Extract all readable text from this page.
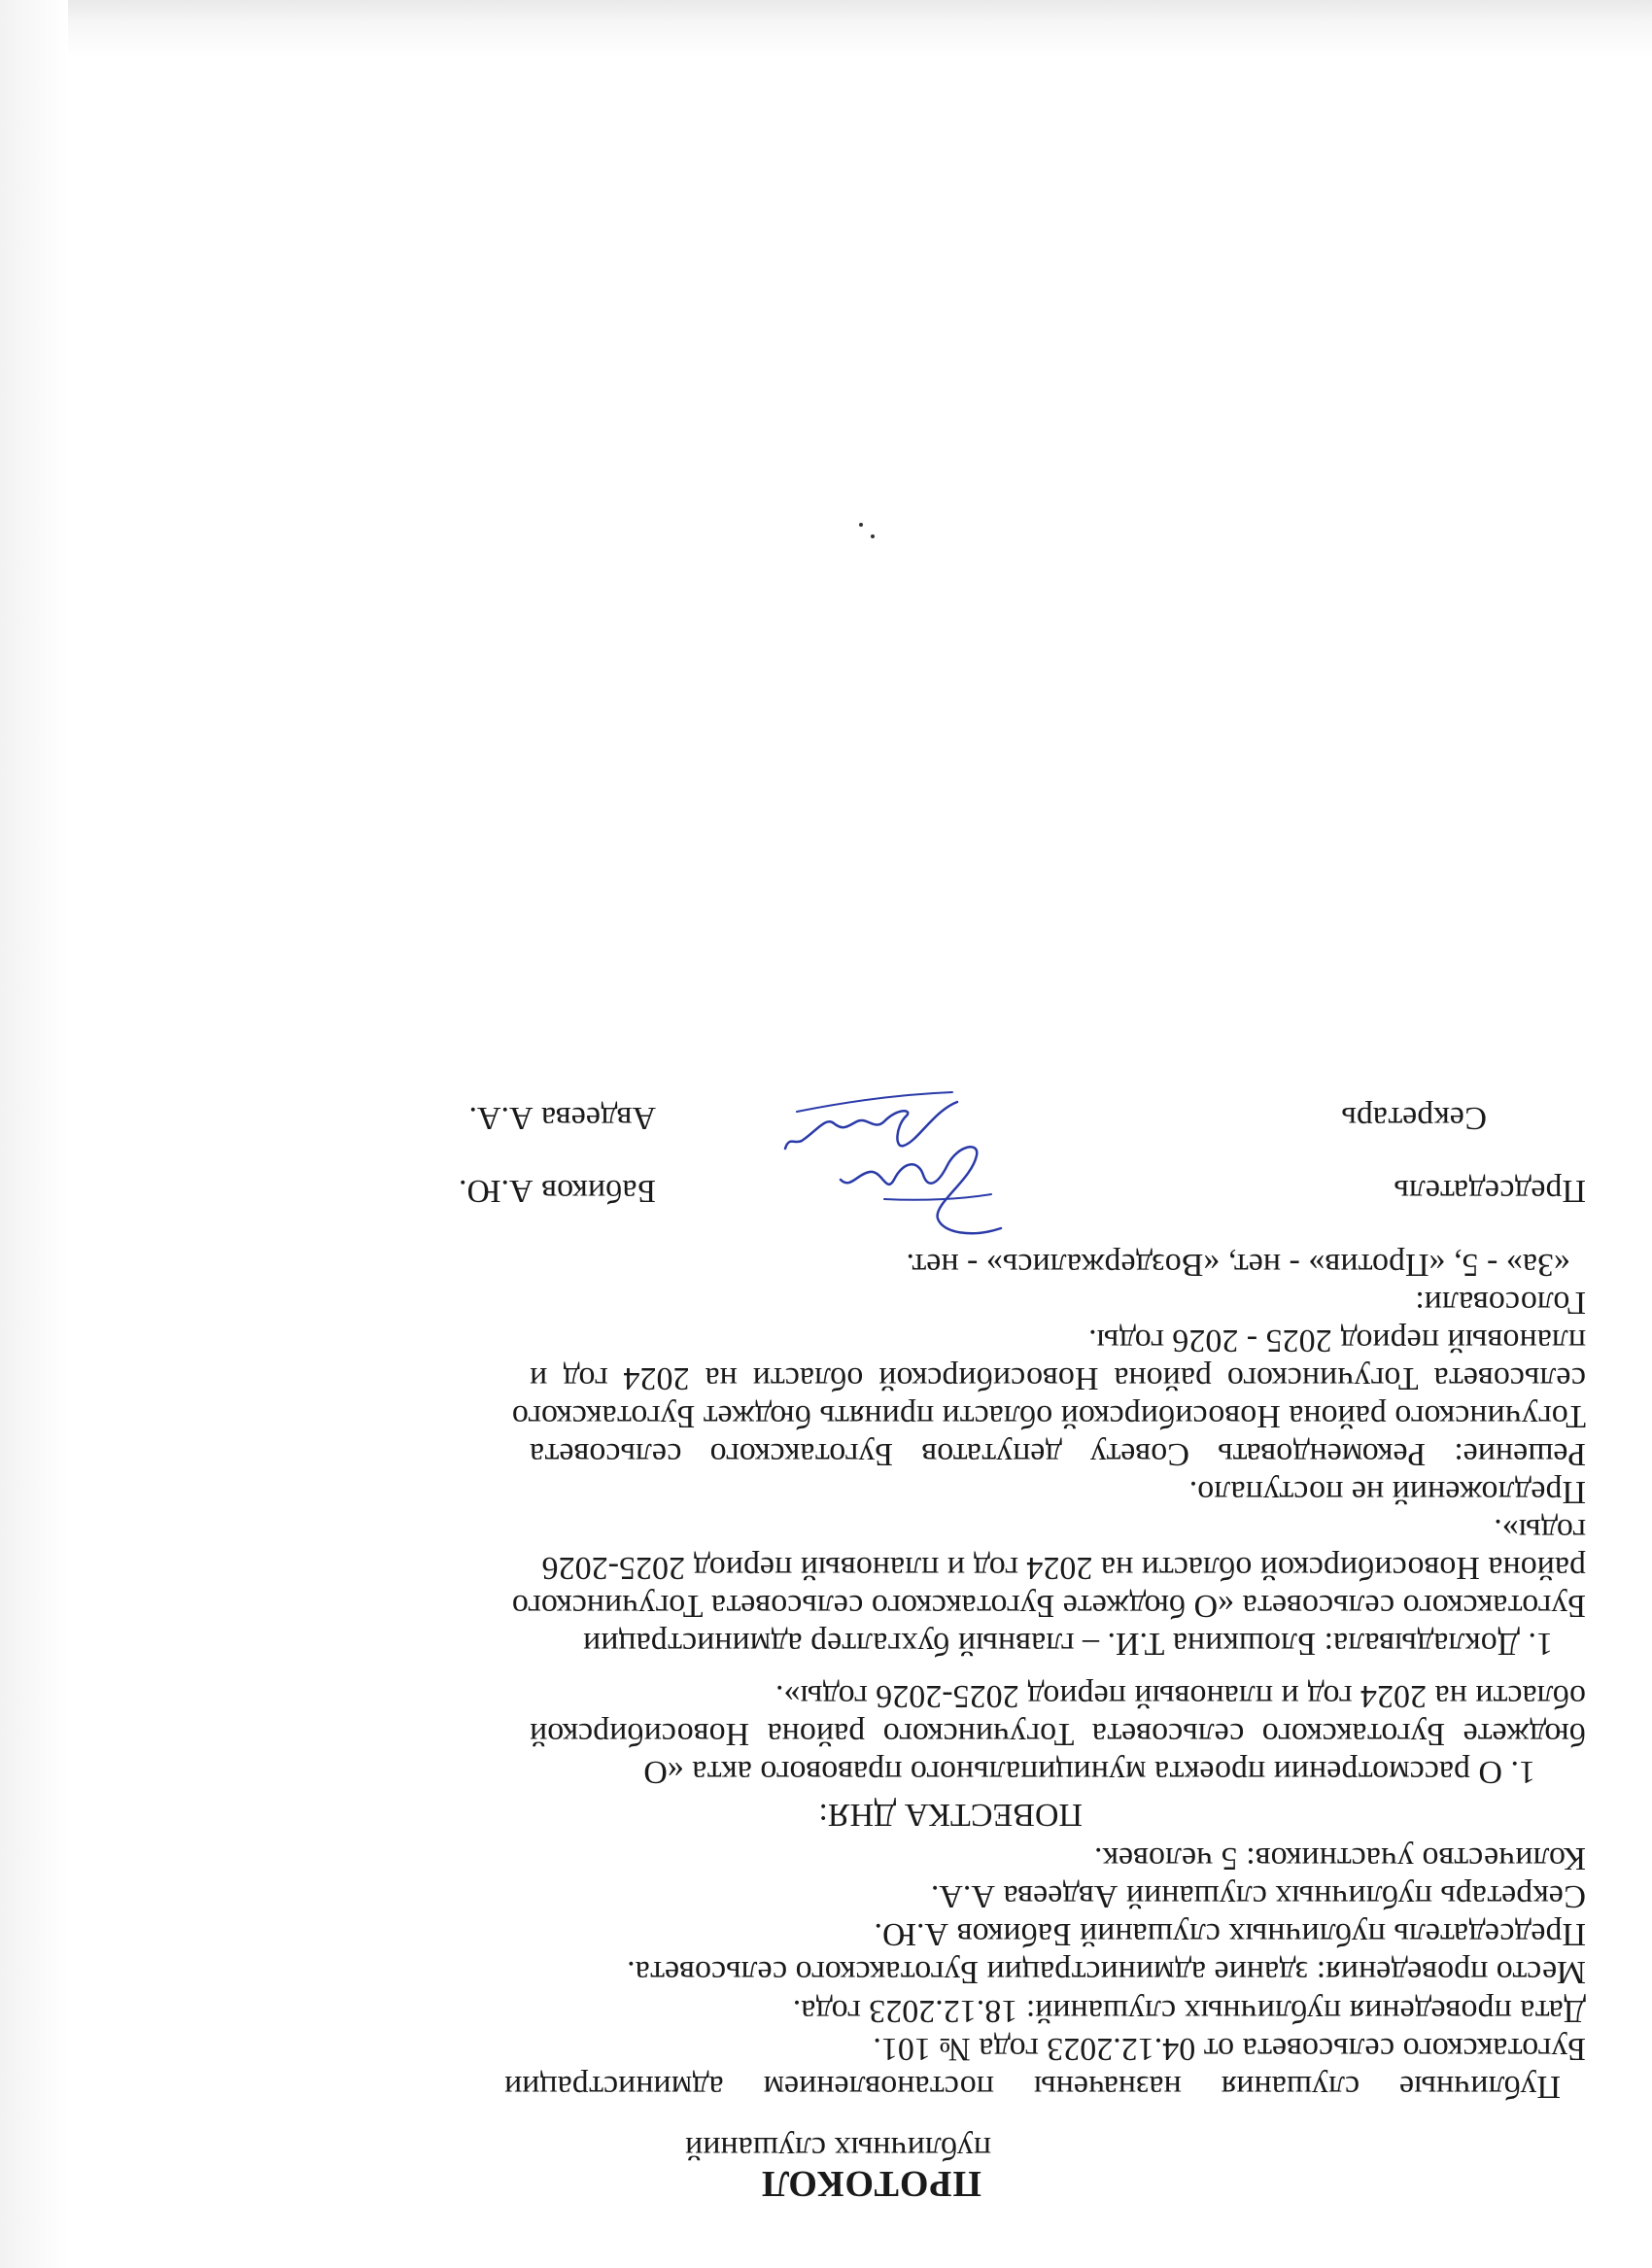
ПРОТОКОЛ
публичных слушаний
Публичные
слушания
назначены
постановлением
администрации
Буготакского сельсовета от 04.12.2023 года № 101.
Дата проведения публичных слушаний: 18.12.2023 года.
Место проведения: здание администрации Буготакского сельсовета.
Председатель публичных слушаний Бабиков А.Ю.
Секретарь публичных слушаний Авдеева А.А.
Количество участников: 5 человек.
ПОВЕСТКА ДНЯ:
1. О рассмотрении проекта муниципального правового акта «О
бюджете
Буготакского
сельсовета
Тогучинского
района
Новосибирской
области на 2024 год и плановый период 2025-2026 годы».
1. Докладывала: Блошкина Т.И. – главный бухгалтер администрации
Буготакского сельсовета «О бюджете Буготакского сельсовета Тогучинского
района Новосибирской области на 2024 год и плановый период 2025-2026
годы».
Предложений не поступало.
Решение:
Рекомендовать
Совету
депутатов
Буготакского
сельсовета
Тогучинского района Новосибирской области принять бюджет Буготакского
сельсовета
Тогучинского
района
Новосибирской
области
на
2024
год
и
плановый период 2025 - 2026 годы.
Голосовали:
«За» - 5, «Против» - нет, «Воздержались» - нет.
Председатель
Бабиков А.Ю.
Секретарь
Авдеева А.А.
